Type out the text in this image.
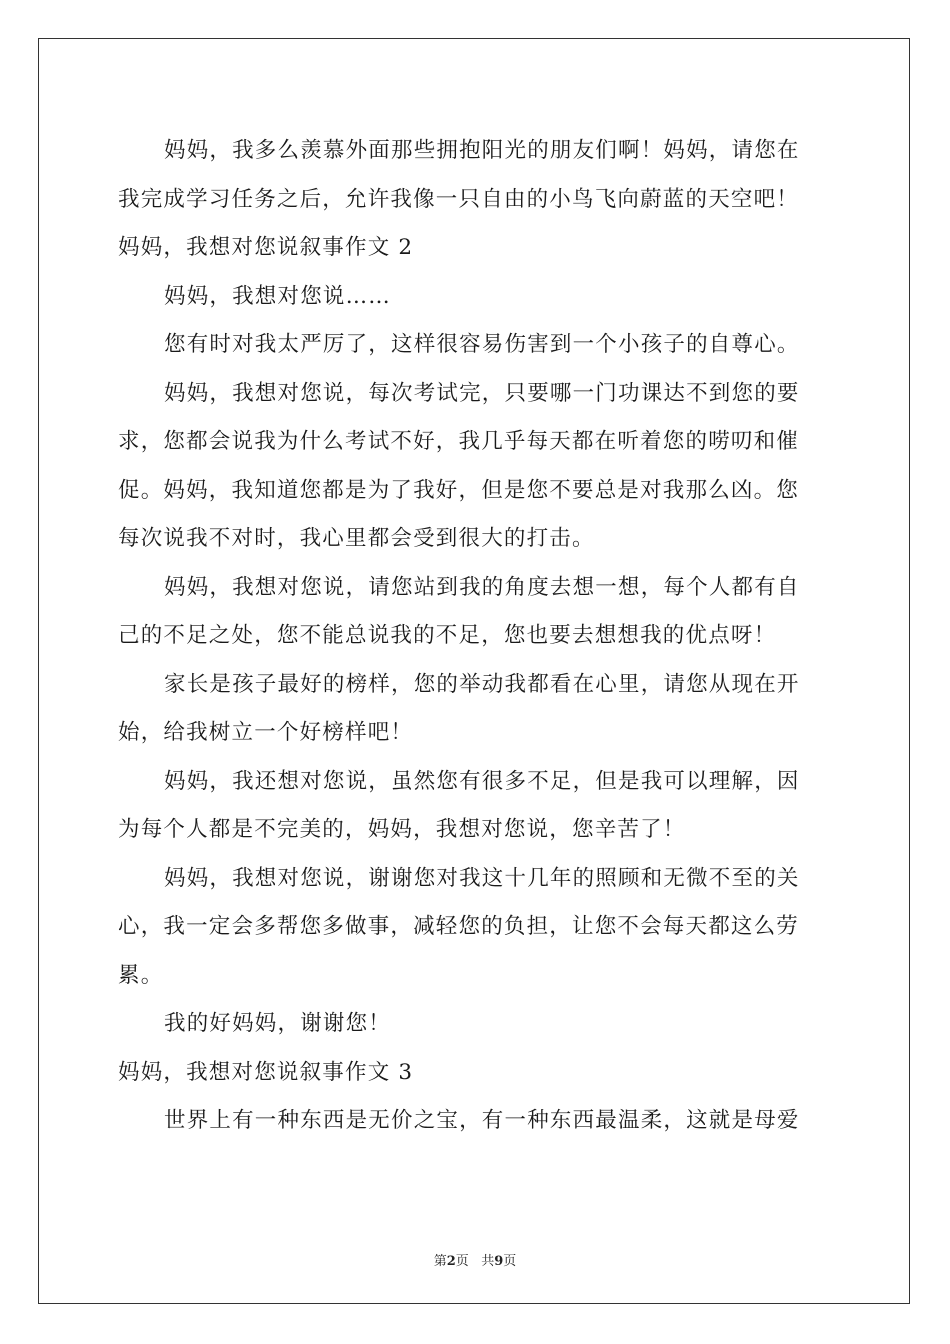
妈妈，我多么羡慕外面那些拥抱阳光的朋友们啊！妈妈，请您在
我完成学习任务之后，允许我像一只自由的小鸟飞向蔚蓝的天空吧！
妈妈，我想对您说叙事作文 2
妈妈，我想对您说……
您有时对我太严厉了，这样很容易伤害到一个小孩子的自尊心。
妈妈，我想对您说，每次考试完，只要哪一门功课达不到您的要
求，您都会说我为什么考试不好，我几乎每天都在听着您的唠叨和催
促。妈妈，我知道您都是为了我好，但是您不要总是对我那么凶。您
每次说我不对时，我心里都会受到很大的打击。
妈妈，我想对您说，请您站到我的角度去想一想，每个人都有自
己的不足之处，您不能总说我的不足，您也要去想想我的优点呀！
家长是孩子最好的榜样，您的举动我都看在心里，请您从现在开
始，给我树立一个好榜样吧！
妈妈，我还想对您说，虽然您有很多不足，但是我可以理解，因
为每个人都是不完美的，妈妈，我想对您说，您辛苦了！
妈妈，我想对您说，谢谢您对我这十几年的照顾和无微不至的关
心，我一定会多帮您多做事，减轻您的负担，让您不会每天都这么劳
累。
我的好妈妈，谢谢您！
妈妈，我想对您说叙事作文 3
世界上有一种东西是无价之宝，有一种东西最温柔，这就是母爱
第2页 共9页
